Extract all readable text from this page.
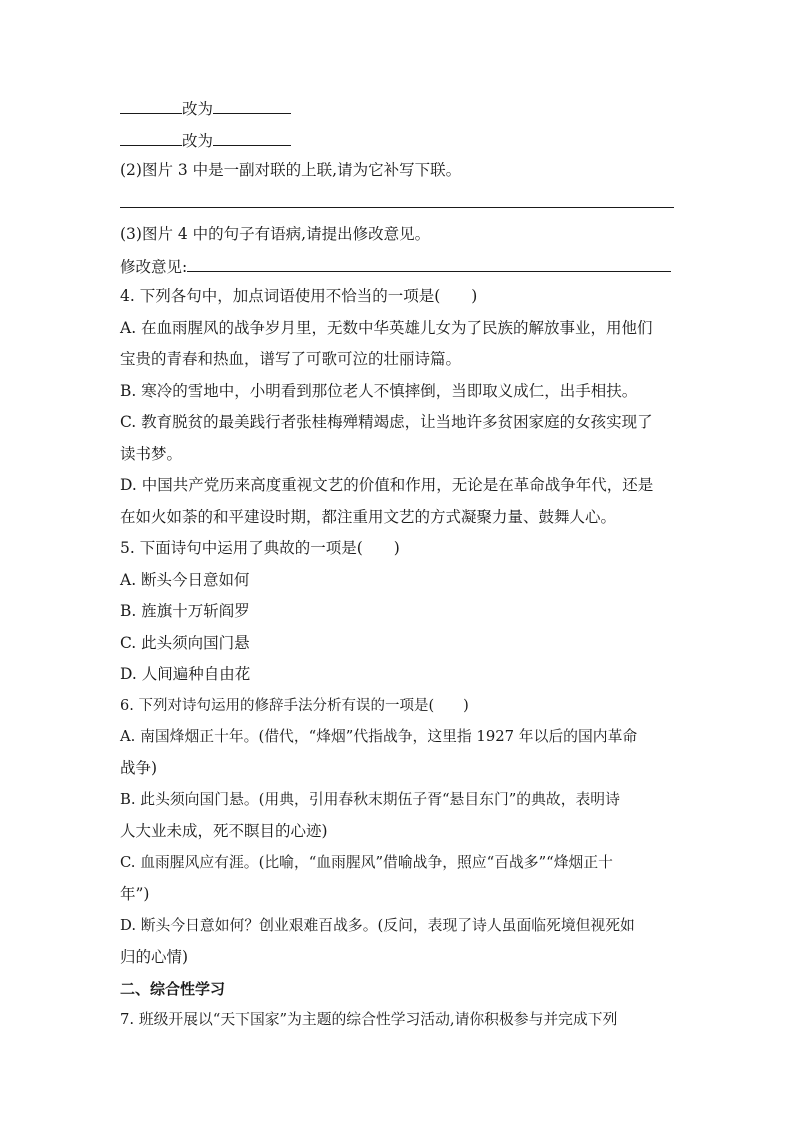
改为
改为
(2)图片 3 中是一副对联的上联,请为它补写下联。
(3)图片 4 中的句子有语病,请提出修改意见。
修改意见:
4. 下列各句中，加点词语使用不恰当的一项是(　　)
A. 在血雨腥风的战争岁月里，无数中华英雄儿女为了民族的解放事业，用他们
宝贵的青春和热血，谱写了可歌可泣的壮丽诗篇。
B. 寒冷的雪地中，小明看到那位老人不慎摔倒，当即取义成仁，出手相扶。
C. 教育脱贫的最美践行者张桂梅殚精竭虑，让当地许多贫困家庭的女孩实现了
读书梦。
D. 中国共产党历来高度重视文艺的价值和作用，无论是在革命战争年代，还是
在如火如荼的和平建设时期，都注重用文艺的方式凝聚力量、鼓舞人心。
5. 下面诗句中运用了典故的一项是(　　)
A. 断头今日意如何
B. 旌旗十万斩阎罗
C. 此头须向国门悬
D. 人间遍种自由花
6. 下列对诗句运用的修辞手法分析有误的一项是(　　)
A. 南国烽烟正十年。(借代，“烽烟”代指战争，这里指 1927 年以后的国内革命
战争)
B. 此头须向国门悬。(用典，引用春秋末期伍子胥“悬目东门”的典故，表明诗
人大业未成，死不瞑目的心迹)
C. 血雨腥风应有涯。(比喻，“血雨腥风”借喻战争，照应“百战多”“烽烟正十
年”)
D. 断头今日意如何？创业艰难百战多。(反问，表现了诗人虽面临死境但视死如
归的心情)
二、综合性学习
7. 班级开展以“天下国家”为主题的综合性学习活动,请你积极参与并完成下列
